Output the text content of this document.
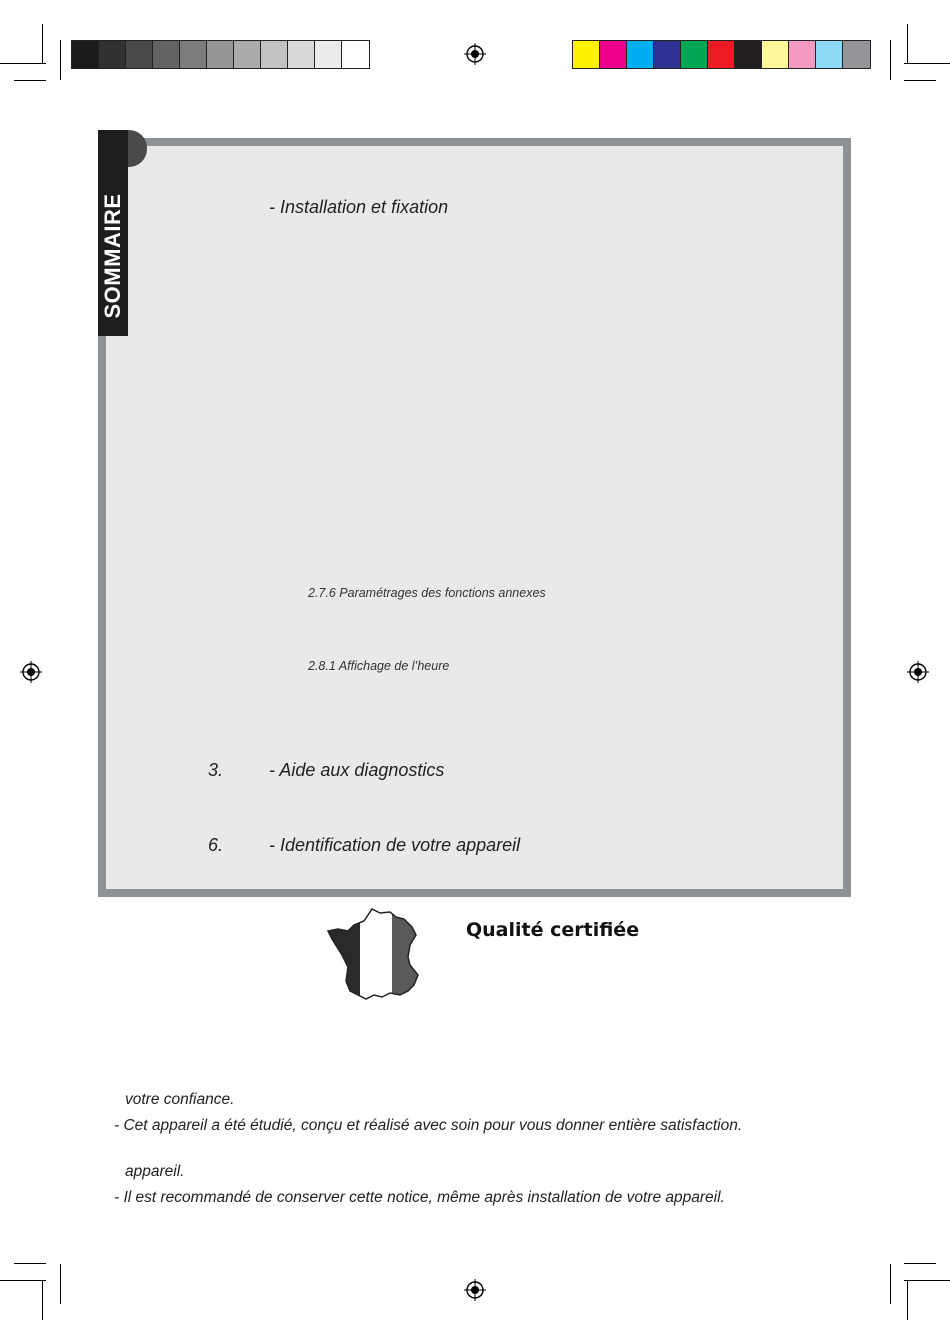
SOMMAIRE	- Installation et fixation
2.7.6 Paramétrages des fonctions annexes
2.8.1 Affichage de l’heure
3.	- Aide aux diagnostics
6.	- Identification de votre appareil
Qualité certifiée
votre confiance.
- Cet appareil a été étudié, conçu et réalisé avec soin pour vous donner entière satisfaction.
appareil.
- Il est recommandé de conserver cette notice, même après installation de votre appareil.
